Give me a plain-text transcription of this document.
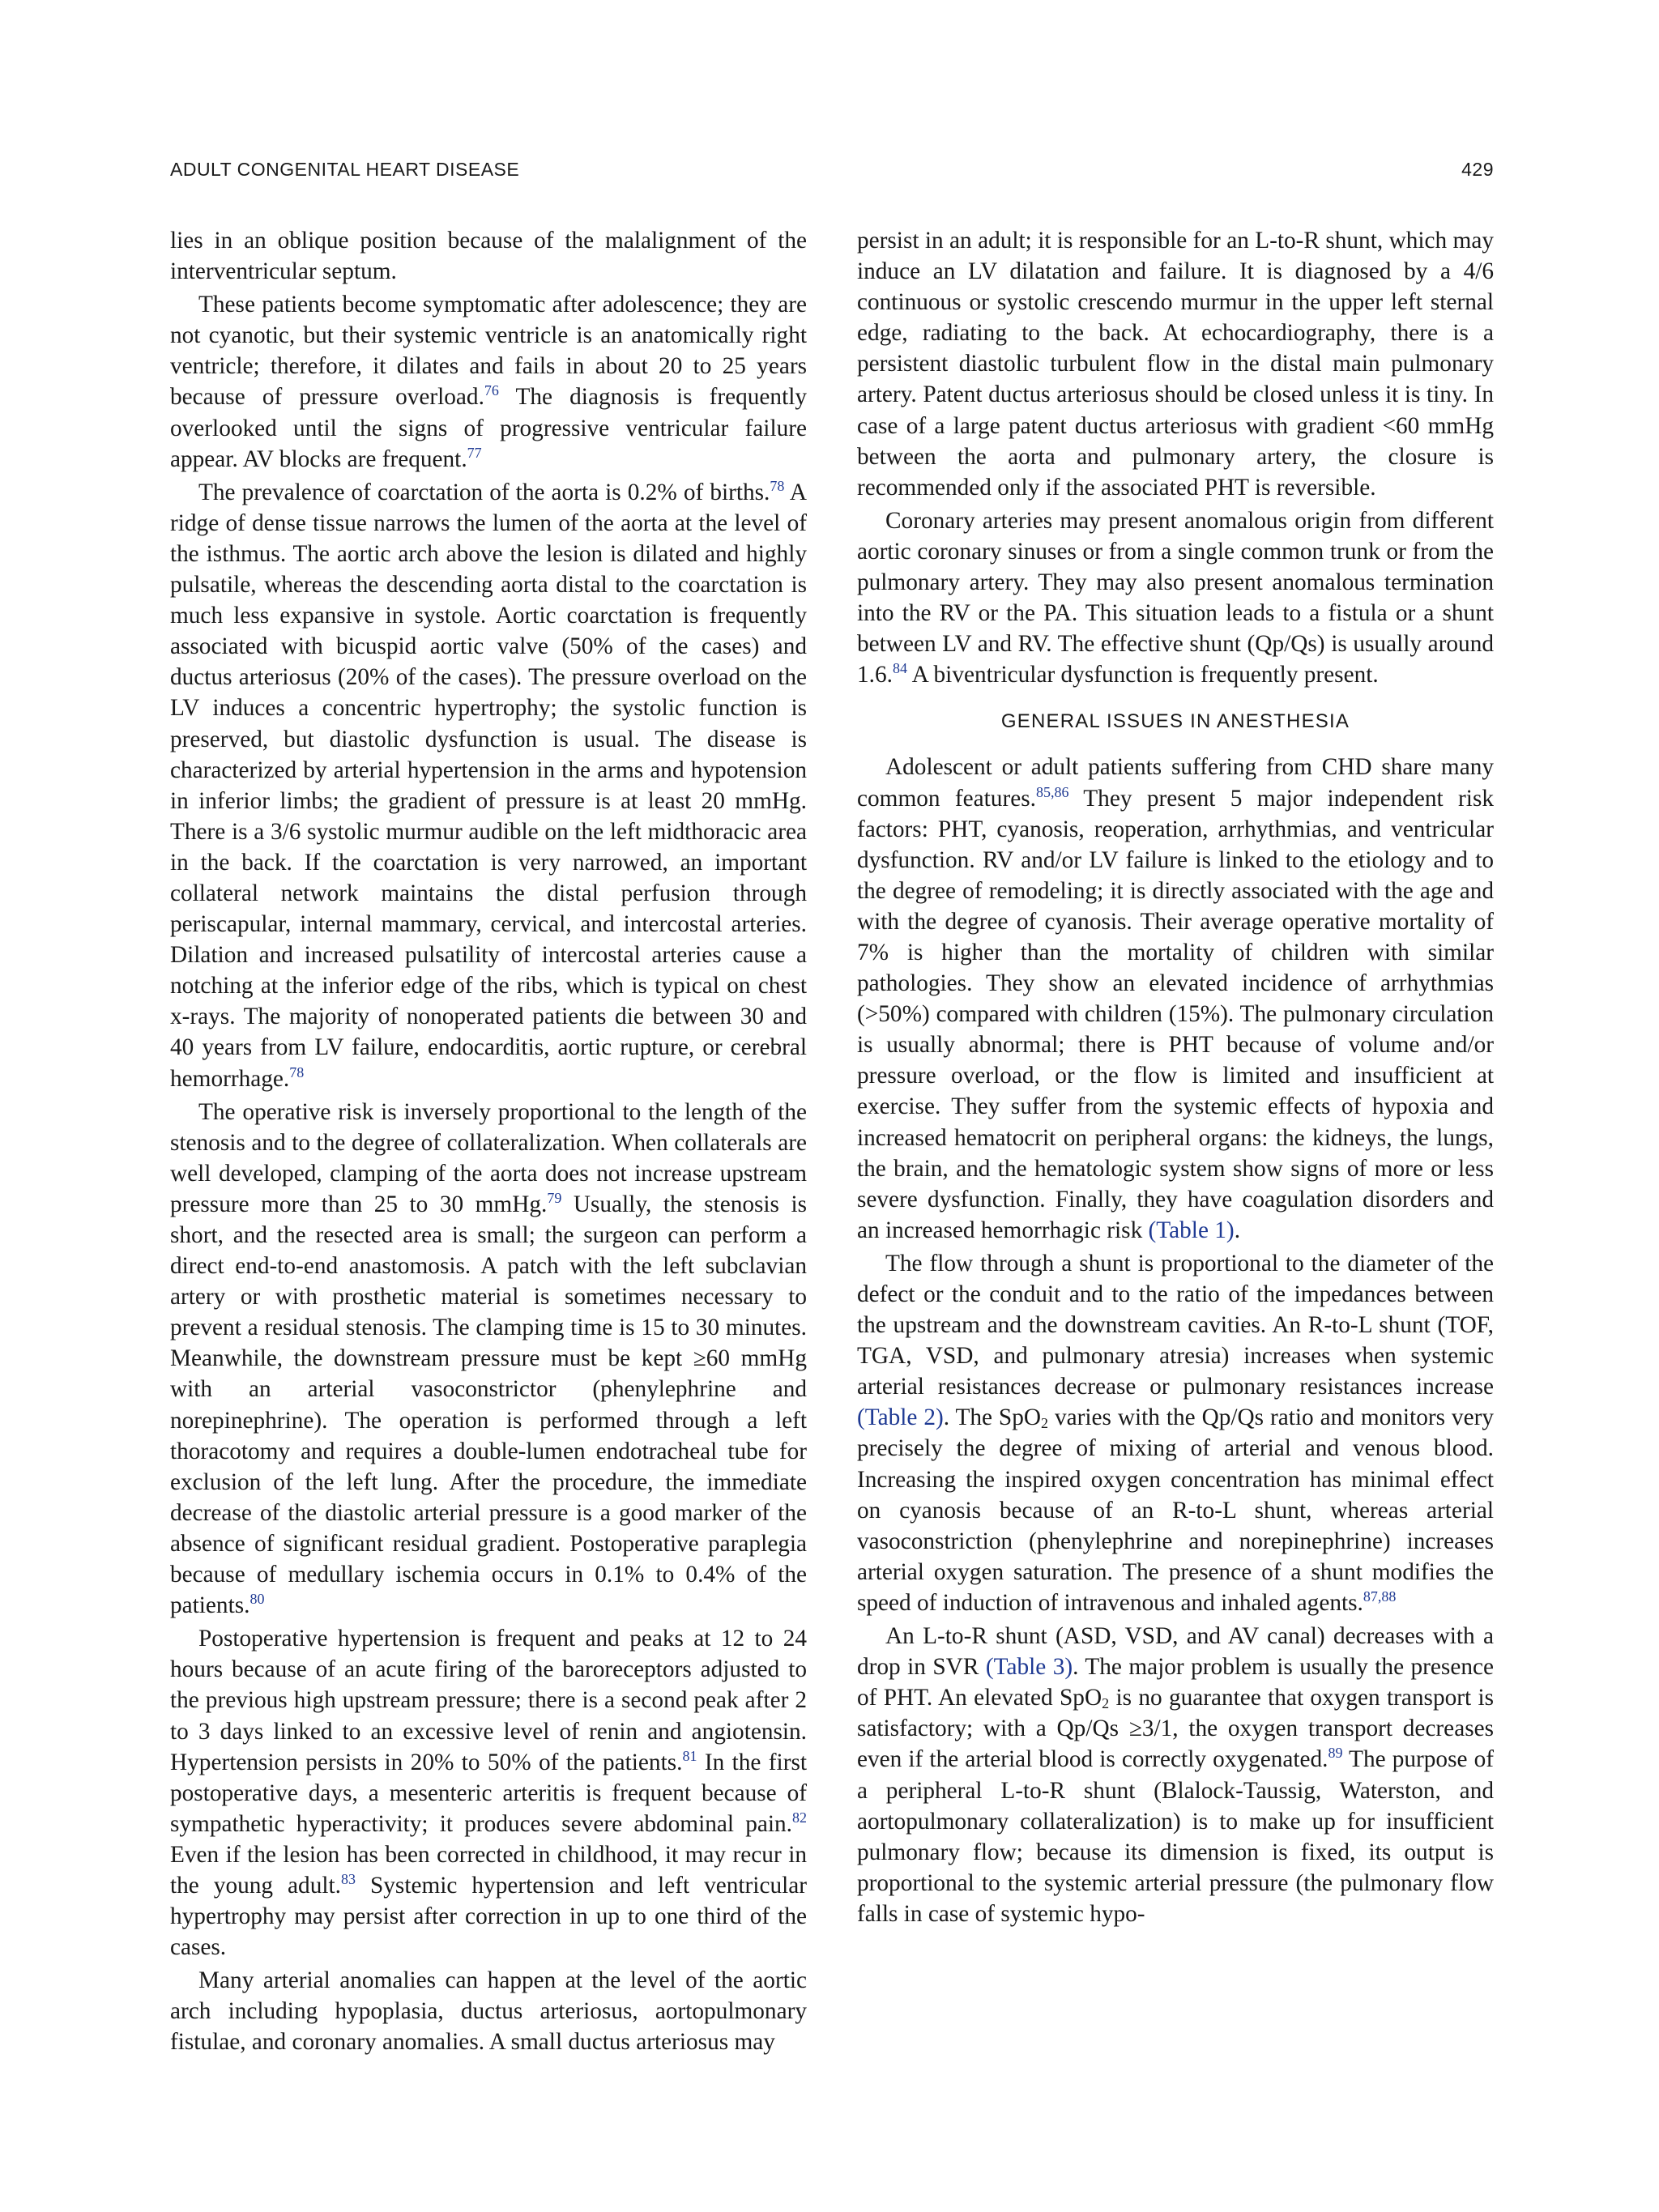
ADULT CONGENITAL HEART DISEASE	429

lies in an oblique position because of the malalignment of the interventricular septum.

These patients become symptomatic after adolescence; they are not cyanotic, but their systemic ventricle is an anatomically right ventricle; therefore, it dilates and fails in about 20 to 25 years because of pressure overload.$^{76}$ The diagnosis is frequently overlooked until the signs of progressive ventricular failure appear. AV blocks are frequent.$^{77}$

The prevalence of coarctation of the aorta is 0.2% of births.$^{78}$ A ridge of dense tissue narrows the lumen of the aorta at the level of the isthmus. The aortic arch above the lesion is dilated and highly pulsatile, whereas the descending aorta distal to the coarctation is much less expansive in systole. Aortic coarctation is frequently associated with bicuspid aortic valve (50% of the cases) and ductus arteriosus (20% of the cases). The pressure overload on the LV induces a concentric hypertrophy; the systolic function is preserved, but diastolic dysfunction is usual. The disease is characterized by arterial hypertension in the arms and hypotension in inferior limbs; the gradient of pressure is at least 20 mmHg. There is a 3/6 systolic murmur audible on the left midthoracic area in the back. If the coarctation is very narrowed, an important collateral network maintains the distal perfusion through periscapular, internal mammary, cervical, and intercostal arteries. Dilation and increased pulsatility of intercostal arteries cause a notching at the inferior edge of the ribs, which is typical on chest x-rays. The majority of nonoperated patients die between 30 and 40 years from LV failure, endocarditis, aortic rupture, or cerebral hemorrhage.$^{78}$

The operative risk is inversely proportional to the length of the stenosis and to the degree of collateralization. When collaterals are well developed, clamping of the aorta does not increase upstream pressure more than 25 to 30 mmHg.$^{79}$ Usually, the stenosis is short, and the resected area is small; the surgeon can perform a direct end-to-end anastomosis. A patch with the left subclavian artery or with prosthetic material is sometimes necessary to prevent a residual stenosis. The clamping time is 15 to 30 minutes. Meanwhile, the downstream pressure must be kept ≥60 mmHg with an arterial vasoconstrictor (phenylephrine and norepinephrine). The operation is performed through a left thoracotomy and requires a double-lumen endotracheal tube for exclusion of the left lung. After the procedure, the immediate decrease of the diastolic arterial pressure is a good marker of the absence of significant residual gradient. Postoperative paraplegia because of medullary ischemia occurs in 0.1% to 0.4% of the patients.$^{80}$

Postoperative hypertension is frequent and peaks at 12 to 24 hours because of an acute firing of the baroreceptors adjusted to the previous high upstream pressure; there is a second peak after 2 to 3 days linked to an excessive level of renin and angiotensin. Hypertension persists in 20% to 50% of the patients.$^{81}$ In the first postoperative days, a mesenteric arteritis is frequent because of sympathetic hyperactivity; it produces severe abdominal pain.$^{82}$ Even if the lesion has been corrected in childhood, it may recur in the young adult.$^{83}$ Systemic hypertension and left ventricular hypertrophy may persist after correction in up to one third of the cases.

Many arterial anomalies can happen at the level of the aortic arch including hypoplasia, ductus arteriosus, aortopulmonary fistulae, and coronary anomalies. A small ductus arteriosus may

persist in an adult; it is responsible for an L-to-R shunt, which may induce an LV dilatation and failure. It is diagnosed by a 4/6 continuous or systolic crescendo murmur in the upper left sternal edge, radiating to the back. At echocardiography, there is a persistent diastolic turbulent flow in the distal main pulmonary artery. Patent ductus arteriosus should be closed unless it is tiny. In case of a large patent ductus arteriosus with gradient <60 mmHg between the aorta and pulmonary artery, the closure is recommended only if the associated PHT is reversible.

Coronary arteries may present anomalous origin from different aortic coronary sinuses or from a single common trunk or from the pulmonary artery. They may also present anomalous termination into the RV or the PA. This situation leads to a fistula or a shunt between LV and RV. The effective shunt (Qp/Qs) is usually around 1.6.84 A biventricular dysfunction is frequently present.

GENERAL ISSUES IN ANESTHESIA

Adolescent or adult patients suffering from CHD share many common features.$^{85,86}$ They present 5 major independent risk factors: PHT, cyanosis, reoperation, arrhythmias, and ventricular dysfunction. RV and/or LV failure is linked to the etiology and to the degree of remodeling; it is directly associated with the age and with the degree of cyanosis. Their average operative mortality of 7% is higher than the mortality of children with similar pathologies. They show an elevated incidence of arrhythmias (>50%) compared with children (15%). The pulmonary circulation is usually abnormal; there is PHT because of volume and/or pressure overload, or the flow is limited and insufficient at exercise. They suffer from the systemic effects of hypoxia and increased hematocrit on peripheral organs: the kidneys, the lungs, the brain, and the hematologic system show signs of more or less severe dysfunction. Finally, they have coagulation disorders and an increased hemorrhagic risk (Table 1).

The flow through a shunt is proportional to the diameter of the defect or the conduit and to the ratio of the impedances between the upstream and the downstream cavities. An R-to-L shunt (TOF, TGA, VSD, and pulmonary atresia) increases when systemic arterial resistances decrease or pulmonary resistances increase (Table 2). The SpO$_2$ varies with the Qp/Qs ratio and monitors very precisely the degree of mixing of arterial and venous blood. Increasing the inspired oxygen concentration has minimal effect on cyanosis because of an R-to-L shunt, whereas arterial vasoconstriction (phenylephrine and norepinephrine) increases arterial oxygen saturation. The presence of a shunt modifies the speed of induction of intravenous and inhaled agents.$^{87,88}$

An L-to-R shunt (ASD, VSD, and AV canal) decreases with a drop in SVR (Table 3). The major problem is usually the presence of PHT. An elevated SpO$_2$ is no guarantee that oxygen transport is satisfactory; with a Qp/Qs ≥3/1, the oxygen transport decreases even if the arterial blood is correctly oxygenated.$^{89}$ The purpose of a peripheral L-to-R shunt (Blalock-Taussig, Waterston, and aortopulmonary collateralization) is to make up for insufficient pulmonary flow; because its dimension is fixed, its output is proportional to the systemic arterial pressure (the pulmonary flow falls in case of systemic hypo-
